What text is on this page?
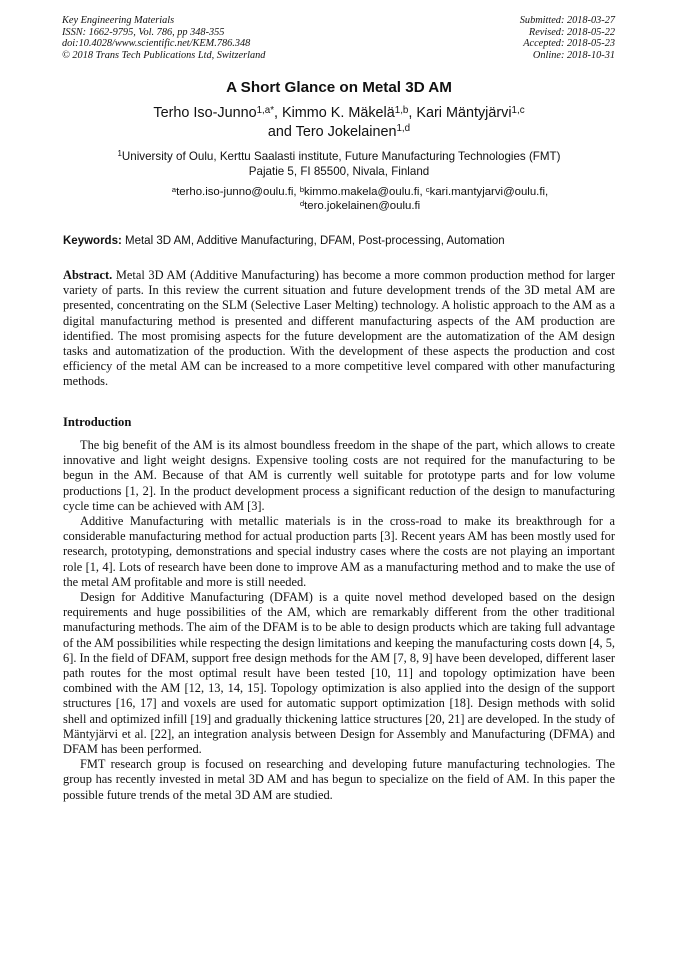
Key Engineering Materials
ISSN: 1662-9795, Vol. 786, pp 348-355
doi:10.4028/www.scientific.net/KEM.786.348
© 2018 Trans Tech Publications Ltd, Switzerland
Submitted: 2018-03-27
Revised: 2018-05-22
Accepted: 2018-05-23
Online: 2018-10-31
A Short Glance on Metal 3D AM
Terho Iso-Junno$^{1,a*}$, Kimmo K. Mäkelä$^{1,b}$, Kari Mäntyjärvi$^{1,c}$
and Tero Jokelainen$^{1,d}$
$^1$University of Oulu, Kerttu Saalasti institute, Future Manufacturing Technologies (FMT)
Pajatie 5, FI 85500, Nivala, Finland
$^a$terho.iso-junno@oulu.fi, $^b$kimmo.makela@oulu.fi, $^c$kari.mantyjarvi@oulu.fi,
$^d$tero.jokelainen@oulu.fi
Keywords: Metal 3D AM, Additive Manufacturing, DFAM, Post-processing, Automation
Abstract. Metal 3D AM (Additive Manufacturing) has become a more common production method for larger variety of parts. In this review the current situation and future development trends of the 3D metal AM are presented, concentrating on the SLM (Selective Laser Melting) technology. A holistic approach to the AM as a digital manufacturing method is presented and different manufacturing aspects of the AM production are identified. The most promising aspects for the future development are the automatization of the AM design tasks and automatization of the production. With the development of these aspects the production and cost efficiency of the metal AM can be increased to a more competitive level compared with other manufacturing methods.
Introduction

The big benefit of the AM is its almost boundless freedom in the shape of the part, which allows to create innovative and light weight designs. Expensive tooling costs are not required for the manufacturing to be begun in the AM. Because of that AM is currently well suitable for prototype parts and for low volume productions [1, 2]. In the product development process a significant reduction of the design to manufacturing cycle time can be achieved with AM [3].

Additive Manufacturing with metallic materials is in the cross-road to make its breakthrough for a considerable manufacturing method for actual production parts [3]. Recent years AM has been mostly used for research, prototyping, demonstrations and special industry cases where the costs are not playing an important role [1, 4]. Lots of research have been done to improve AM as a manufacturing method and to make the use of the metal AM profitable and more is still needed.

Design for Additive Manufacturing (DFAM) is a quite novel method developed based on the design requirements and huge possibilities of the AM, which are remarkably different from the other traditional manufacturing methods. The aim of the DFAM is to be able to design products which are taking full advantage of the AM possibilities while respecting the design limitations and keeping the manufacturing costs down [4, 5, 6]. In the field of DFAM, support free design methods for the AM [7, 8, 9] have been developed, different laser path routes for the most optimal result have been tested [10, 11] and topology optimization have been combined with the AM [12, 13, 14, 15]. Topology optimization is also applied into the design of the support structures [16, 17] and voxels are used for automatic support optimization [18]. Design methods with solid shell and optimized infill [19] and gradually thickening lattice structures [20, 21] are developed. In the study of Mäntyjärvi et al. [22], an integration analysis between Design for Assembly and Manufacturing (DFMA) and DFAM has been performed.

FMT research group is focused on researching and developing future manufacturing technologies. The group has recently invested in metal 3D AM and has begun to specialize on the field of AM. In this paper the possible future trends of the metal 3D AM are studied.
